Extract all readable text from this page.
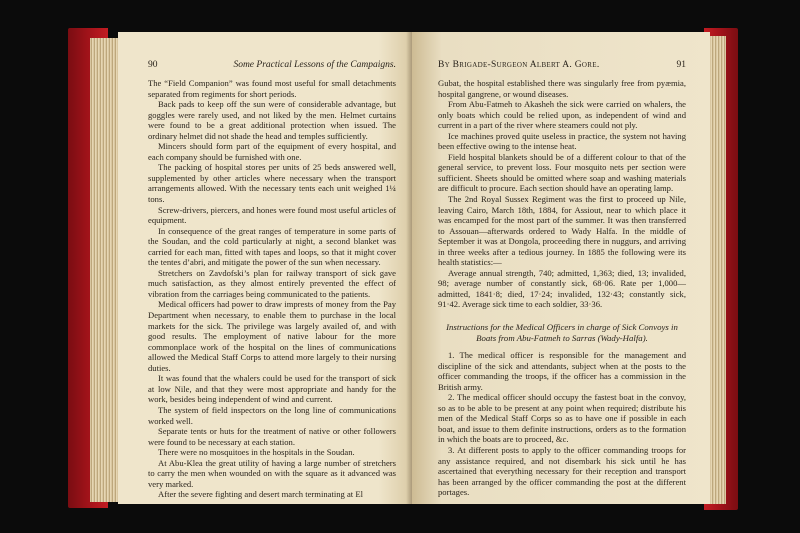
90	Some Practical Lessons of the Campaigns.

The “Field Companion” was found most useful for small detachments separated from regiments for short periods.

Back pads to keep off the sun were of considerable advantage, but goggles were rarely used, and not liked by the men. Helmet curtains were found to be a great additional protection when issued. The ordinary helmet did not shade the head and temples sufficiently.

Mincers should form part of the equipment of every hospital, and each company should be furnished with one.

The packing of hospital stores per units of 25 beds answered well, supplemented by other articles where necessary when the transport arrangements allowed. With the necessary tents each unit weighed 1¼ tons.

Screw-drivers, piercers, and hones were found most useful articles of equipment.

In consequence of the great ranges of temperature in some parts of the Soudan, and the cold particularly at night, a second blanket was carried for each man, fitted with tapes and loops, so that it might cover the tentes d’abri, and mitigate the power of the sun when necessary.

Stretchers on Zavdofski’s plan for railway transport of sick gave much satisfaction, as they almost entirely prevented the effect of vibration from the carriages being communicated to the patients.

Medical officers had power to draw imprests of money from the Pay Department when necessary, to enable them to purchase in the local markets for the sick. The privilege was largely availed of, and with good results. The employment of native labour for the more commonplace work of the hospital on the lines of communications allowed the Medical Staff Corps to attend more largely to their nursing duties.

It was found that the whalers could be used for the transport of sick at low Nile, and that they were most appropriate and handy for the work, besides being independent of wind and current.

The system of field inspectors on the long line of communications worked well.

Separate tents or huts for the treatment of native or other followers were found to be necessary at each station.

There were no mosquitoes in the hospitals in the Soudan.

At Abu-Klea the great utility of having a large number of stretchers to carry the men when wounded on with the square as it advanced was very marked.

After the severe fighting and desert march terminating at El

By Brigade-Surgeon Albert A. Gore.	91

Gubat, the hospital established there was singularly free from pyæmia, hospital gangrene, or wound diseases.

From Abu-Fatmeh to Akasheh the sick were carried on whalers, the only boats which could be relied upon, as independent of wind and current in a part of the river where steamers could not ply.

Ice machines proved quite useless in practice, the system not having been effective owing to the intense heat.

Field hospital blankets should be of a different colour to that of the general service, to prevent loss. Four mosquito nets per section were sufficient. Sheets should be omitted where soap and washing materials are difficult to procure. Each section should have an operating lamp.

The 2nd Royal Sussex Regiment was the first to proceed up Nile, leaving Cairo, March 18th, 1884, for Assiout, near to which place it was encamped for the most part of the summer. It was then transferred to Assouan—afterwards ordered to Wady Halfa. In the middle of September it was at Dongola, proceeding there in nuggurs, and arriving in three weeks after a tedious journey. In 1885 the following were its health statistics:—

Average annual strength, 740; admitted, 1,363; died, 13; invalided, 98; average number of constantly sick, 68·06. Rate per 1,000—admitted, 1841·8; died, 17·24; invalided, 132·43; constantly sick, 91·42. Average sick time to each soldier, 33·36.

Instructions for the Medical Officers in charge of Sick Convoys in Boats from Abu-Fatmeh to Sarras (Wady-Halfa).

1. The medical officer is responsible for the management and discipline of the sick and attendants, subject when at the posts to the officer commanding the troops, if the officer has a commission in the British army.

2. The medical officer should occupy the fastest boat in the convoy, so as to be able to be present at any point when required; distribute his men of the Medical Staff Corps so as to have one if possible in each boat, and issue to them definite instructions, orders as to the formation in which the boats are to proceed, &c.

3. At different posts to apply to the officer commanding troops for any assistance required, and not disembark his sick until he has ascertained that everything necessary for their reception and transport has been arranged by the officer commanding the post at the different portages.
